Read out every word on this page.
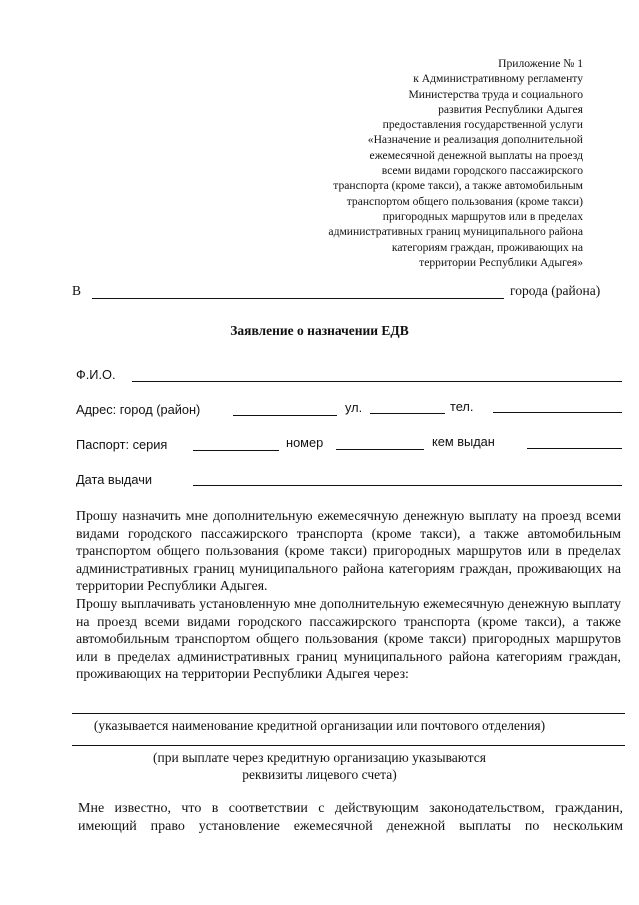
Приложение № 1
к Административному регламенту
Министерства труда и социального
развития Республики Адыгея
предоставления государственной услуги
«Назначение и реализация дополнительной
ежемесячной денежной выплаты на проезд
всеми видами городского пассажирского
транспорта (кроме такси), а также автомобильным
транспортом общего пользования (кроме такси)
пригородных маршрутов или в пределах
административных границ муниципального района
категориям граждан, проживающих на
территории Республики Адыгея»
В	города (района)
Заявление о назначении ЕДВ
Ф.И.О.
Адрес: город (район)	ул.	тел.
Паспорт: серия	номер	кем выдан
Дата выдачи

Прошу назначить мне дополнительную ежемесячную денежную выплату на проезд всеми видами городского пассажирского транспорта (кроме такси), а также автомобильным транспортом общего пользования (кроме такси) пригородных маршрутов или в пределах административных границ муниципального района категориям граждан, проживающих на территории Республики Адыгея.

Прошу выплачивать установленную мне дополнительную ежемесячную денежную выплату на проезд всеми видами городского пассажирского транспорта (кроме такси), а также автомобильным транспортом общего пользования (кроме такси) пригородных маршрутов или в пределах административных границ муниципального района категориям граждан, проживающих на территории Республики Адыгея через:

(указывается наименование кредитной организации или почтового отделения)
(при выплате через кредитную организацию указываются
реквизиты лицевого счета)
Мне известно, что в соответствии с действующим законодательством, гражданин,
имеющий право установление ежемесячной денежной выплаты по нескольким
